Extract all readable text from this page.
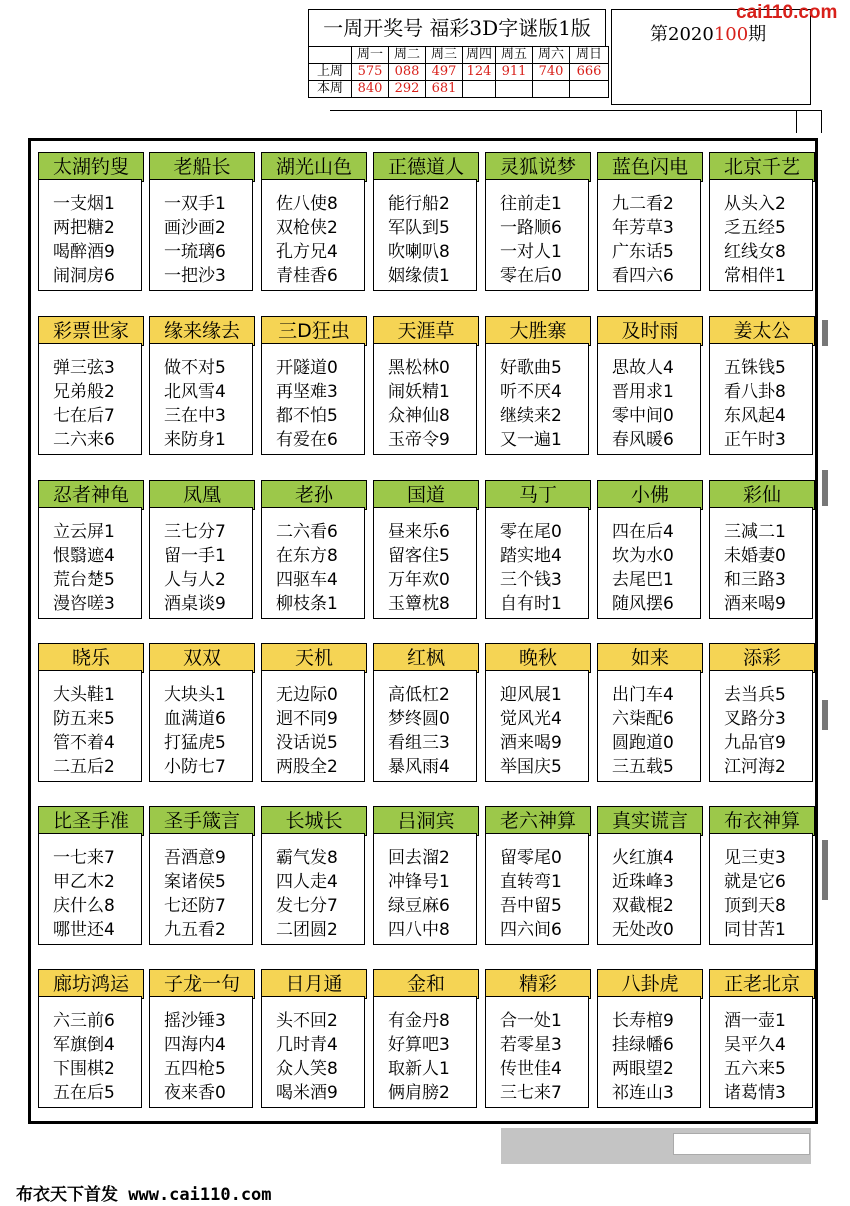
一周开奖号 福彩3D字谜版1版
	周一	周二	周三	周四	周五	周六	周日
上周	575	088	497	124	911	740	666
本周	840	292	681				
第2020100期
cai110.com
太湖钓叟
一支烟1
两把糖2
喝醉酒9
闹洞房6
老船长
一双手1
画沙画2
一琉璃6
一把沙3
湖光山色
佐八使8
双枪侠2
孔方兄4
青桂香6
正德道人
能行船2
军队到5
吹喇叭8
姻缘债1
灵狐说梦
往前走1
一路顺6
一对人1
零在后0
蓝色闪电
九二看2
年芳草3
广东话5
看四六6
北京千艺
从头入2
乏五经5
红线女8
常相伴1
彩票世家
弹三弦3
兄弟般2
七在后7
二六来6
缘来缘去
做不对5
北风雪4
三在中3
来防身1
三D狂虫
开隧道0
再坚难3
都不怕5
有爱在6
天涯草
黑松林0
闹妖精1
众神仙8
玉帝令9
大胜寨
好歌曲5
听不厌4
继续来2
又一遍1
及时雨
思故人4
晋用求1
零中间0
春风暖6
姜太公
五铢钱5
看八卦8
东风起4
正午时3
忍者神龟
立云屏1
恨翳遮4
荒台楚5
漫咨嗟3
凤凰
三七分7
留一手1
人与人2
酒桌谈9
老孙
二六看6
在东方8
四驱车4
柳枝条1
国道
昼来乐6
留客住5
万年欢0
玉簟枕8
马丁
零在尾0
踏实地4
三个钱3
自有时1
小佛
四在后4
坎为水0
去尾巴1
随风摆6
彩仙
三减二1
未婚妻0
和三路3
酒来喝9
晓乐
大头鞋1
防五来5
管不着4
二五后2
双双
大块头1
血满道6
打猛虎5
小防七7
天机
无边际0
迥不同9
没话说5
两股全2
红枫
高低杠2
梦终圆0
看组三3
暴风雨4
晚秋
迎风展1
觉风光4
酒来喝9
举国庆5
如来
出门车4
六柒配6
圆跑道0
三五载5
添彩
去当兵5
叉路分3
九品官9
江河海2
比圣手准
一七来7
甲乙木2
庆什么8
哪世还4
圣手箴言
吾酒意9
案诸侯5
七还防7
九五看2
长城长
霸气发8
四人走4
发七分7
二团圆2
吕洞宾
回去溜2
冲锋号1
绿豆麻6
四八中8
老六神算
留零尾0
直转弯1
吾中留5
四六间6
真实谎言
火红旗4
近珠峰3
双截棍2
无处改0
布衣神算
见三吏3
就是它6
顶到天8
同甘苦1
廊坊鸿运
六三前6
军旗倒4
下围棋2
五在后5
子龙一句
摇沙锤3
四海内4
五四枪5
夜来香0
日月通
头不回2
几时青4
众人笑8
喝米酒9
金和
有金丹8
好算吧3
取新人1
俩肩膀2
精彩
合一处1
若零星3
传世佳4
三七来7
八卦虎
长寿棺9
挂绿幡6
两眼望2
祁连山3
正老北京
酒一壶1
吴平久4
五六来5
诸葛情3
布衣天下首发 www.cai110.com
